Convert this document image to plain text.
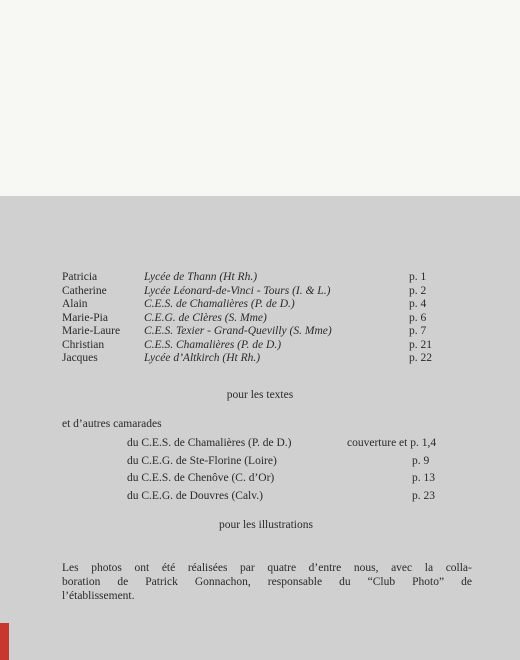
Patricia	Lycée de Thann (Ht Rh.)	p. 1
Catherine	Lycée Léonard-de-Vinci - Tours (I. & L.)	p. 2
Alain	C.E.S. de Chamalières (P. de D.)	p. 4
Marie-Pia	C.E.G. de Clères (S. Mme)	p. 6
Marie-Laure C.E.S. Texier - Grand-Quevilly (S. Mme)	p. 7
Christian	C.E.S. Chamalières (P. de D.)	p. 21
Jacques	Lycée d’Altkirch (Ht Rh.)	p. 22
pour les textes
et d’autres camarades
du C.E.S. de Chamalières (P. de D.)	couverture et p. 1,4
du C.E.G. de Ste-Florine (Loire)	p. 9
du C.E.S. de Chenôve (C. d’Or)	p. 13
du C.E.G. de Douvres (Calv.)	p. 23
pour les illustrations
Les photos ont été réalisées par quatre d’entre nous, avec la colla-
boration de Patrick Gonnachon, responsable du “Club Photo” de
l’établissement.
